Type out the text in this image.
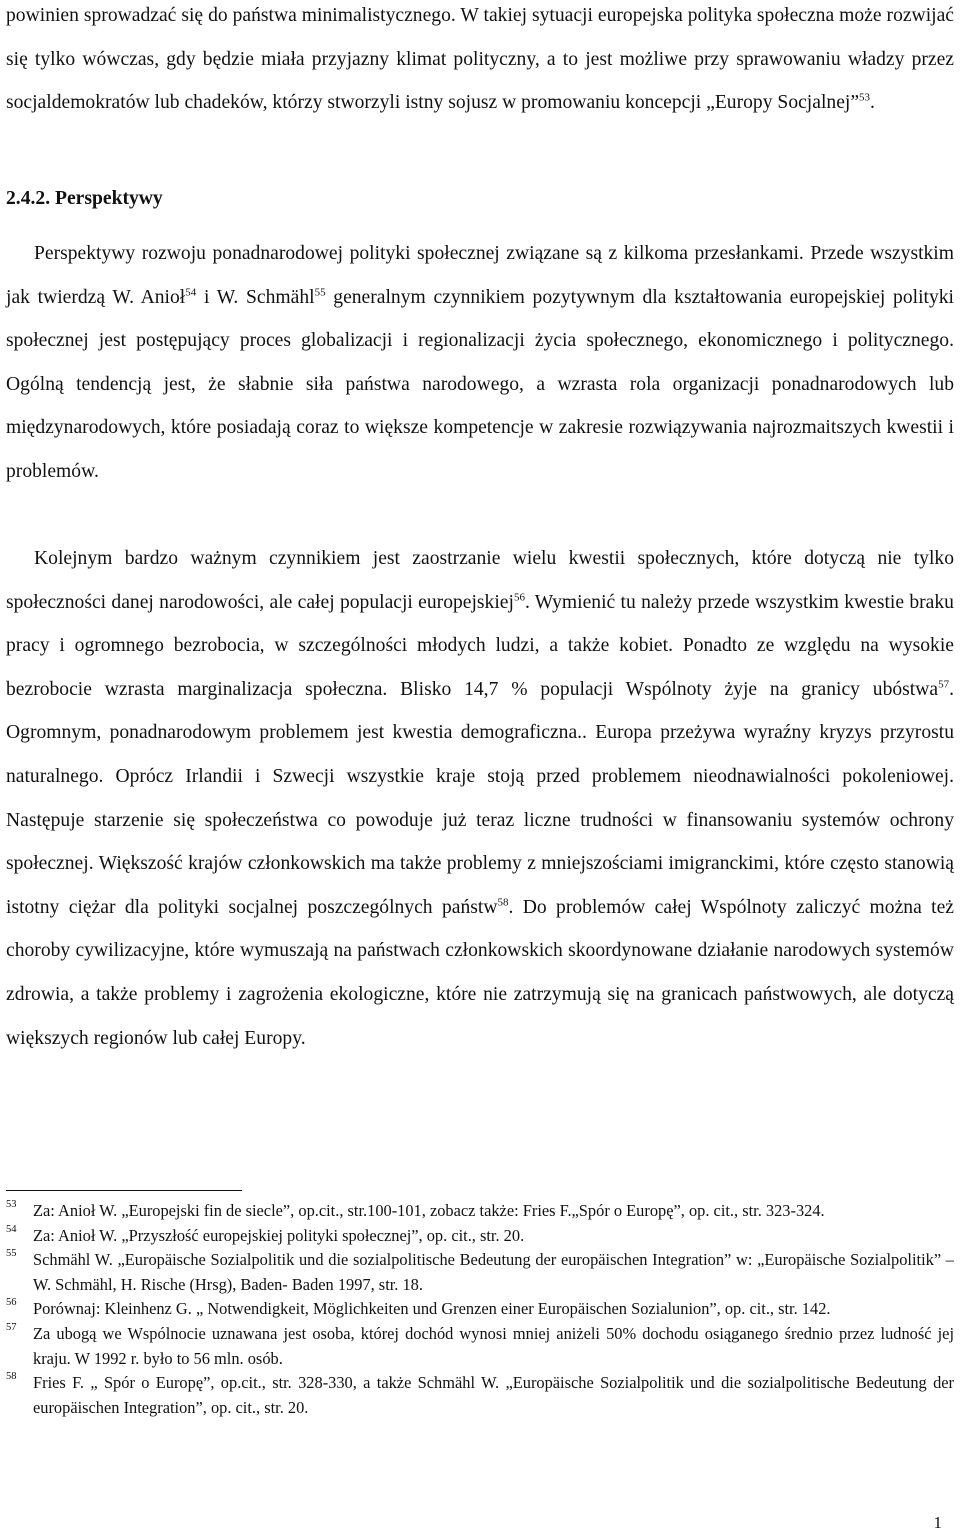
powinien sprowadzać się do państwa minimalistycznego. W takiej sytuacji europejska polityka społeczna może rozwijać się tylko wówczas, gdy będzie miała przyjazny klimat polityczny, a to jest możliwe przy sprawowaniu władzy przez socjaldemokratów lub chadeków, którzy stworzyli istny sojusz w promowaniu koncepcji „Europy Socjalnej”$^{53}$.
2.4.2. Perspektywy
Perspektywy rozwoju ponadnarodowej polityki społecznej związane są z kilkoma przesłankami. Przede wszystkim jak twierdzą W. Anioł$^{54}$ i W. Schmähl$^{55}$ generalnym czynnikiem pozytywnym dla kształtowania europejskiej polityki społecznej jest postępujący proces globalizacji i regionalizacji życia społecznego, ekonomicznego i politycznego. Ogólną tendencją jest, że słabnie siła państwa narodowego, a wzrasta rola organizacji ponadnarodowych lub międzynarodowych, które posiadają coraz to większe kompetencje w zakresie rozwiązywania najrozmaitszych kwestii i problemów.
Kolejnym bardzo ważnym czynnikiem jest zaostrzanie wielu kwestii społecznych, które dotyczą nie tylko społeczności danej narodowości, ale całej populacji europejskiej$^{56}$. Wymienić tu należy przede wszystkim kwestie braku pracy i ogromnego bezrobocia, w szczególności młodych ludzi, a także kobiet. Ponadto ze względu na wysokie bezrobocie wzrasta marginalizacja społeczna. Blisko 14,7 % populacji Wspólnoty żyje na granicy ubóstwa$^{57}$. Ogromnym, ponadnarodowym problemem jest kwestia demograficzna.. Europa przeżywa wyraźny kryzys przyrostu naturalnego. Oprócz Irlandii i Szwecji wszystkie kraje stoją przed problemem nieodnawialności pokoleniowej. Następuje starzenie się społeczeństwa co powoduje już teraz liczne trudności w finansowaniu systemów ochrony społecznej. Większość krajów członkowskich ma także problemy z mniejszościami imigranckimi, które często stanowią istotny ciężar dla polityki socjalnej poszczególnych państw$^{58}$. Do problemów całej Wspólnoty zaliczyć można też choroby cywilizacyjne, które wymuszają na państwach członkowskich skoordynowane działanie narodowych systemów zdrowia, a także problemy i zagrożenia ekologiczne, które nie zatrzymują się na granicach państwowych, ale dotyczą większych regionów lub całej Europy.
53 Za: Anioł W. „Europejski fin de siecle”, op.cit., str.100-101, zobacz także: Fries F.„Spór o Europę”, op. cit., str. 323-324.
54 Za: Anioł W. „Przyszłość europejskiej polityki społecznej”, op. cit., str. 20.
55 Schmähl W. „Europäische Sozialpolitik und die sozialpolitische Bedeutung der europäischen Integration” w: „Europäische Sozialpolitik” – W. Schmähl, H. Rische (Hrsg), Baden- Baden 1997, str. 18.
56 Porównaj: Kleinhenz G. „ Notwendigkeit, Möglichkeiten und Grenzen einer Europäischen Sozialunion”, op. cit., str. 142.
57 Za ubogą we Wspólnocie uznawana jest osoba, której dochód wynosi mniej aniżeli 50% dochodu osiąganego średnio przez ludność jej kraju. W 1992 r. było to 56 mln. osób.
58 Fries F. „ Spór o Europę”, op.cit., str. 328-330, a także Schmähl W. „Europäische Sozialpolitik und die sozialpolitische Bedeutung der europäischen Integration”, op. cit., str. 20.
1
